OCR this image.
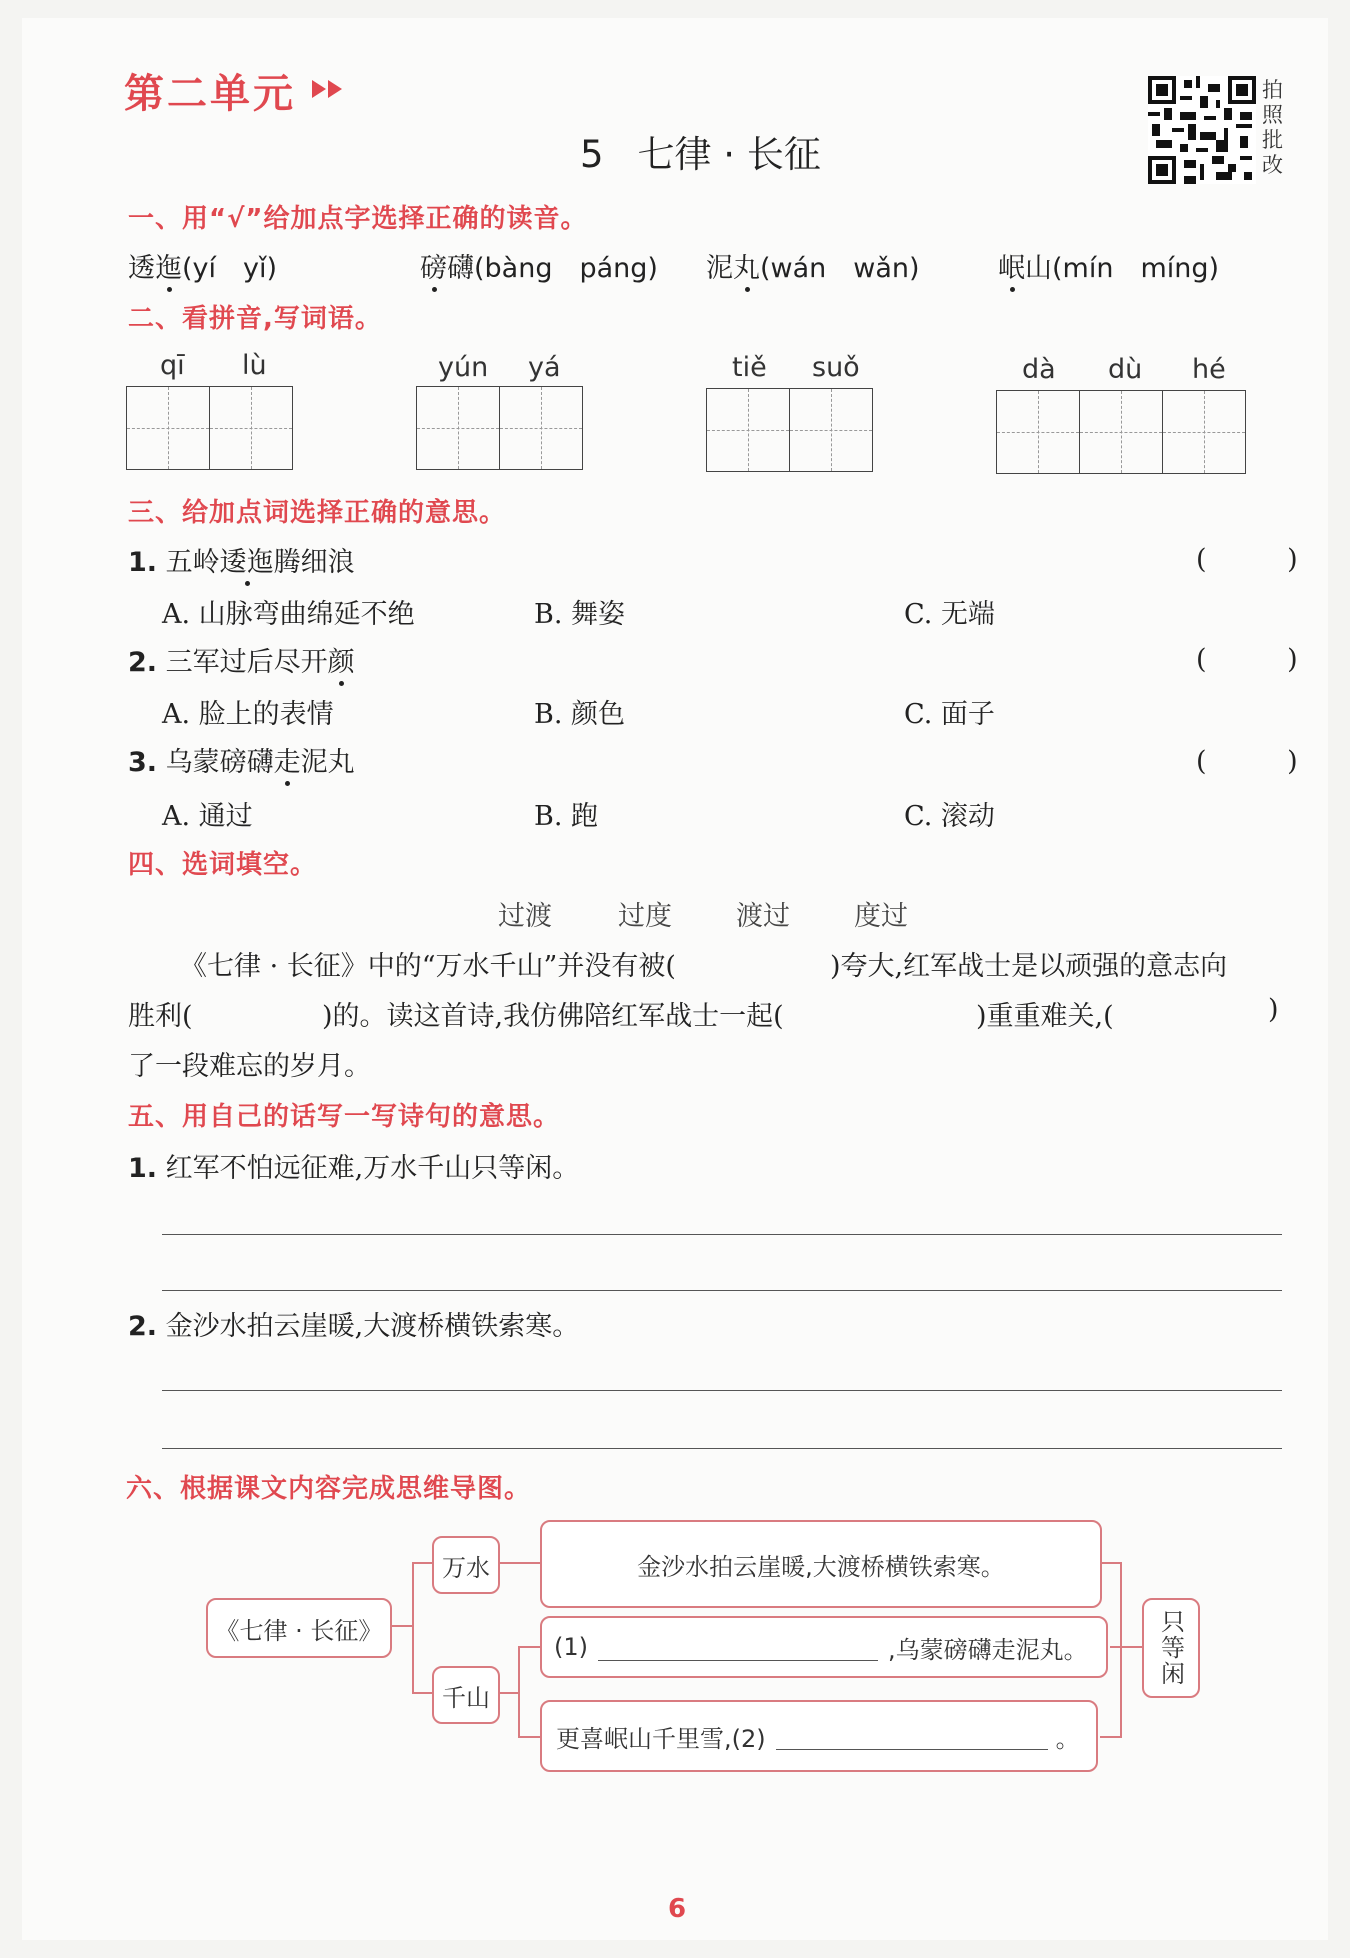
第二单元
5 七律 · 长征
拍照批改
一、用“√”给加点字选择正确的读音。
透迤(yí　yǐ)	磅礴(bàng　páng) 泥丸(wán　wǎn)	岷山(mín　míng)
二、看拼音,写词语。
qī lù	yún yá	tiě suǒ	dà dù hé
三、给加点词选择正确的意思。
1. 五岭逶迤腾细浪	( )
A. 山脉弯曲绵延不绝	B. 舞姿	C. 无端
2. 三军过后尽开颜	( )
A. 脸上的表情	B. 颜色	C. 面子
3. 乌蒙磅礴走泥丸	( )
A. 通过	B. 跑	C. 滚动
四、选词填空。
过渡 过度 渡过 度过
《七律 · 长征》中的“万水千山”并没有被(	)夸大,红军战士是以顽强的意志向
胜利(	)的。读这首诗,我仿佛陪红军战士一起(	)重重难关,(	)
了一段难忘的岁月。
五、用自己的话写一写诗句的意思。
1. 红军不怕远征难,万水千山只等闲。
2. 金沙水拍云崖暖,大渡桥横铁索寒。
六、根据课文内容完成思维导图。
《七律 · 长征》
万水
千山
金沙水拍云崖暖,大渡桥横铁索寒。
(1)	,乌蒙磅礴走泥丸。
更喜岷山千里雪,(2)	。
只等闲
6
